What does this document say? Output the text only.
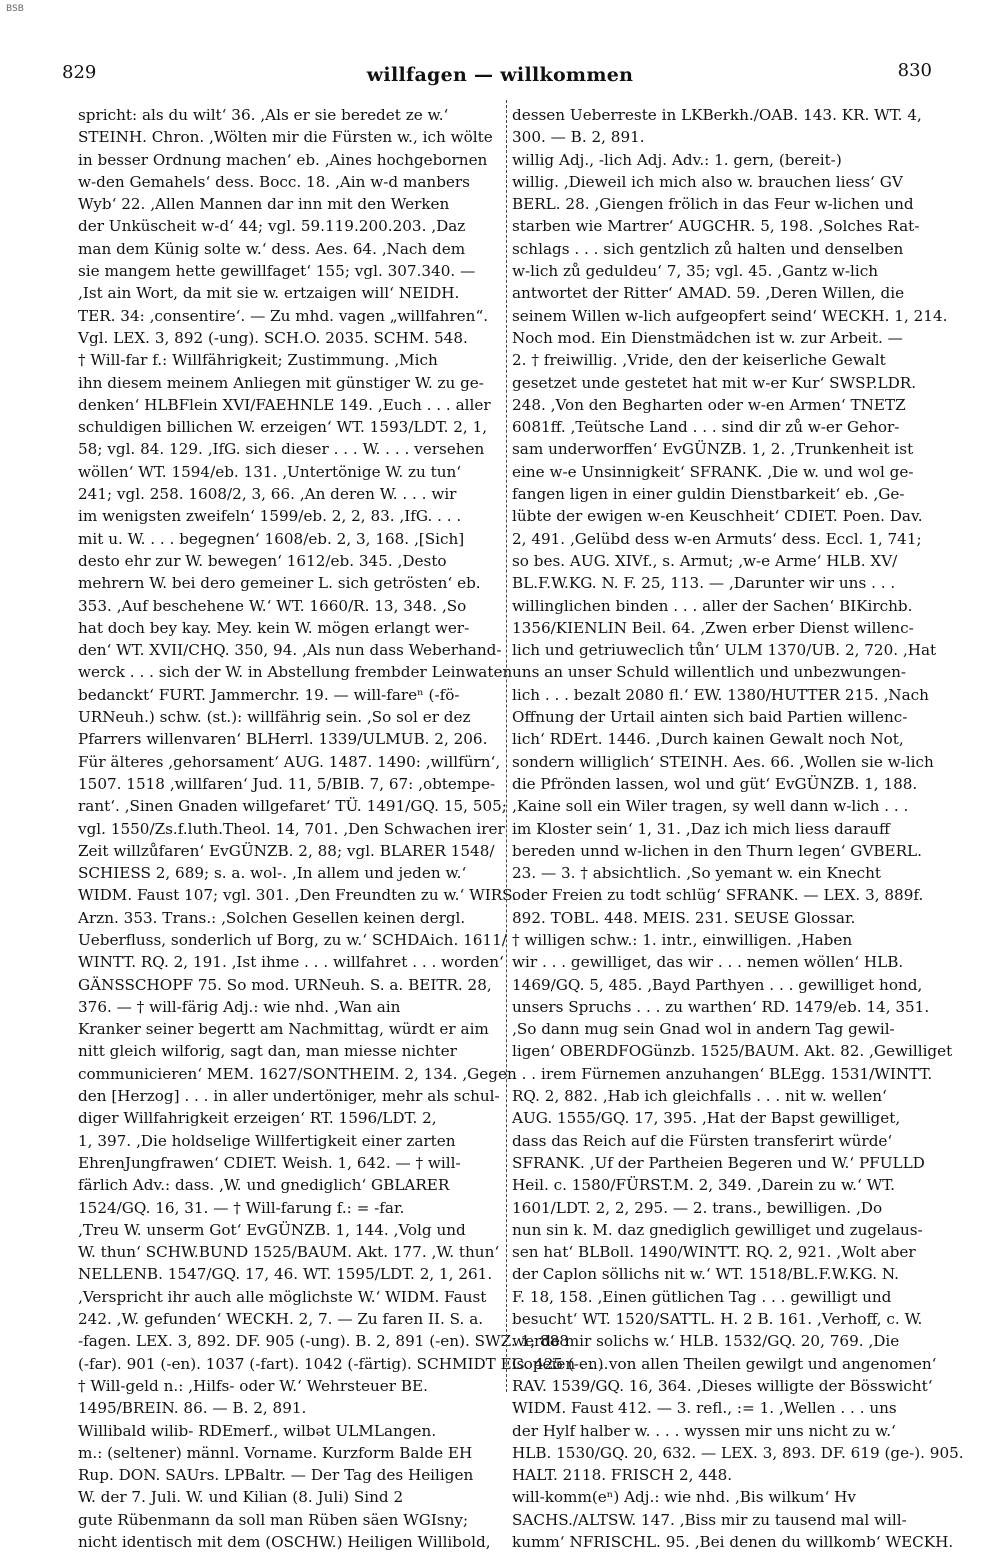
BSB
829	willfagen — willkommen	830
spricht: als du wilt‘ 36. ‚Als er sie beredet ze w.‘
STEINH. Chron. ‚Wölten mir die Fürsten w., ich wölte
in besser Ordnung machen‘ eb. ‚Aines hochgebornen
w-den Gemahels‘ dess. Bocc. 18. ‚Ain w-d manbers
Wyb‘ 22. ‚Allen Mannen dar inn mit den Werken
der Unküscheit w-d‘ 44; vgl. 59.119.200.203. ‚Daz
man dem Künig solte w.‘ dess. Aes. 64. ‚Nach dem
sie mangem hette gewillfaget‘ 155; vgl. 307.340. —
‚Ist ain Wort, da mit sie w. ertzaigen will‘ NEIDH.
TER. 34: ‚consentire‘. — Zu mhd. vagen „willfahren“.
Vgl. LEX. 3, 892 (-ung). SCH.O. 2035. SCHM. 548.
† Will-far f.: Willfährigkeit; Zustimmung. ‚Mich
ihn diesem meinem Anliegen mit günstiger W. zu ge-
denken‘ HLBFlein XVI/FAEHNLE 149. ‚Euch . . . aller
schuldigen billichen W. erzeigen‘ WT. 1593/LDT. 2, 1,
58; vgl. 84. 129. ‚IfG. sich dieser . . . W. . . . versehen
wöllen‘ WT. 1594/eb. 131. ‚Untertönige W. zu tun‘
241; vgl. 258. 1608/2, 3, 66. ‚An deren W. . . . wir
im wenigsten zweifeln‘ 1599/eb. 2, 2, 83. ‚IfG. . . .
mit u. W. . . . begegnen‘ 1608/eb. 2, 3, 168. ‚[Sich]
desto ehr zur W. bewegen‘ 1612/eb. 345. ‚Desto
mehrern W. bei dero gemeiner L. sich getrösten‘ eb.
353. ‚Auf beschehene W.‘ WT. 1660/R. 13, 348. ‚So
hat doch bey kay. Mey. kein W. mögen erlangt wer-
den‘ WT. XVII/CHQ. 350, 94. ‚Als nun dass Weberhand-
werck . . . sich der W. in Abstellung frembder Leinwaten
bedanckt‘ FURT. Jammerchr. 19. — will-fareⁿ (-fö-
URNeuh.) schw. (st.): willfährig sein. ‚So sol er dez
Pfarrers willenvaren‘ BLHerrl. 1339/ULMUB. 2, 206.
Für älteres ‚gehorsament‘ AUG. 1487. 1490: ‚willfürn‘,
1507. 1518 ‚willfaren‘ Jud. 11, 5/BIB. 7, 67: ‚obtempe-
rant‘. ‚Sinen Gnaden willgefaret‘ TÜ. 1491/GQ. 15, 505;
vgl. 1550/Zs.f.luth.Theol. 14, 701. ‚Den Schwachen irer
Zeit willzůfaren‘ EvGÜNZB. 2, 88; vgl. BLARER 1548/
SCHIESS 2, 689; s. a. wol-. ‚In allem und jeden w.‘
WIDM. Faust 107; vgl. 301. ‚Den Freundten zu w.‘ WIRS.
Arzn. 353. Trans.: ‚Solchen Gesellen keinen dergl.
Ueberfluss, sonderlich uf Borg, zu w.‘ SCHDAich. 1611/
WINTT. RQ. 2, 191. ‚Ist ihme . . . willfahret . . . worden‘
GÄNSSCHOPF 75. So mod. URNeuh. S. a. BEITR. 28,
376. — † will-färig Adj.: wie nhd. ‚Wan ain
Kranker seiner begertt am Nachmittag, würdt er aim
nitt gleich wilforig, sagt dan, man miesse nichter
communicieren‘ MEM. 1627/SONTHEIM. 2, 134. ‚Gegen
den [Herzog] . . . in aller undertöniger, mehr als schul-
diger Willfahrigkeit erzeigen‘ RT. 1596/LDT. 2,
1, 397. ‚Die holdselige Willfertigkeit einer zarten
EhrenJungfrawen‘ CDIET. Weish. 1, 642. — † will-
färlich Adv.: dass. ‚W. und gnediglich‘ GBLARER
1524/GQ. 16, 31. — † Will-farung f.: = -far.
‚Treu W. unserm Got‘ EvGÜNZB. 1, 144. ‚Volg und
W. thun‘ SCHW.BUND 1525/BAUM. Akt. 177. ‚W. thun‘
NELLENB. 1547/GQ. 17, 46. WT. 1595/LDT. 2, 1, 261.
‚Verspricht ihr auch alle möglichste W.‘ WIDM. Faust
242. ‚W. gefunden‘ WECKH. 2, 7. — Zu faren II. S. a.
-fagen. LEX. 3, 892. DF. 905 (-ung). B. 2, 891 (-en). SWZ. 1, 888
(-far). 901 (-en). 1037 (-fart). 1042 (-färtig). SCHMIDT Els. 425 (-en).
† Will-geld n.: ‚Hilfs- oder W.‘ Wehrsteuer BE.
1495/BREIN. 86. — B. 2, 891.
Willibald wilib- RDEmerf., wilbət ULMLangen.
m.: (seltener) männl. Vorname. Kurzform Balde EH
Rup. DON. SAUrs. LPBaltr. — Der Tag des Heiligen
W. der 7. Juli. W. und Kilian (8. Juli) Sind 2
gute Rübenmann da soll man Rüben säen WGIsny;
nicht identisch mit dem (OSCHW.) Heiligen Willibold,
dessen Ueberreste in LKBerkh./OAB. 143. KR. WT. 4,
300. — B. 2, 891.
willig Adj., -lich Adj. Adv.: 1. gern, (bereit-)
willig. ‚Dieweil ich mich also w. brauchen liess‘ GV
BERL. 28. ‚Giengen frölich in das Feur w-lichen und
starben wie Martrer‘ AUGCHR. 5, 198. ‚Solches Rat-
schlags . . . sich gentzlich zů halten und denselben
w-lich zů geduldeu‘ 7, 35; vgl. 45. ‚Gantz w-lich
antwortet der Ritter‘ AMAD. 59. ‚Deren Willen, die
seinem Willen w-lich aufgeopfert seind‘ WECKH. 1, 214.
Noch mod. Ein Dienstmädchen ist w. zur Arbeit. —
2. † freiwillig. ‚Vride, den der keiserliche Gewalt
gesetzet unde gestetet hat mit w-er Kur‘ SWSP.LDR.
248. ‚Von den Begharten oder w-en Armen‘ TNETZ
6081ff. ‚Teütsche Land . . . sind dir zů w-er Gehor-
sam underworffen‘ EvGÜNZB. 1, 2. ‚Trunkenheit ist
eine w-e Unsinnigkeit‘ SFRANK. ‚Die w. und wol ge-
fangen ligen in einer guldin Dienstbarkeit‘ eb. ‚Ge-
lübte der ewigen w-en Keuschheit‘ CDIET. Poen. Dav.
2, 491. ‚Gelübd dess w-en Armuts‘ dess. Eccl. 1, 741;
so bes. AUG. XIVf., s. Armut; ‚w-e Arme‘ HLB. XV/
BL.F.W.KG. N. F. 25, 113. — ‚Darunter wir uns . . .
willinglichen binden . . . aller der Sachen‘ BIKirchb.
1356/KIENLIN Beil. 64. ‚Zwen erber Dienst willenc-
lich und getriuweclich tůn‘ ULM 1370/UB. 2, 720. ‚Hat
uns an unser Schuld willentlich und unbezwungen-
lich . . . bezalt 2080 fl.‘ EW. 1380/HUTTER 215. ‚Nach
Offnung der Urtail ainten sich baid Partien willenc-
lich‘ RDErt. 1446. ‚Durch kainen Gewalt noch Not,
sondern williglich‘ STEINH. Aes. 66. ‚Wollen sie w-lich
die Pfrönden lassen, wol und güt‘ EvGÜNZB. 1, 188.
‚Kaine soll ein Wiler tragen, sy well dann w-lich . . .
im Kloster sein‘ 1, 31. ‚Daz ich mich liess darauff
bereden unnd w-lichen in den Thurn legen‘ GVBERL.
23. — 3. † absichtlich. ‚So yemant w. ein Knecht
oder Freien zu todt schlüg‘ SFRANK. — LEX. 3, 889f.
892. TOBL. 448. MEIS. 231. SEUSE Glossar.
† willigen schw.: 1. intr., einwilligen. ‚Haben
wir . . . gewilliget, das wir . . . nemen wöllen‘ HLB.
1469/GQ. 5, 485. ‚Bayd Parthyen . . . gewilliget hond,
unsers Spruchs . . . zu warthen‘ RD. 1479/eb. 14, 351.
‚So dann mug sein Gnad wol in andern Tag gewil-
ligen‘ OBERDFOGünzb. 1525/BAUM. Akt. 82. ‚Gewilliget
. . . irem Fürnemen anzuhangen‘ BLEgg. 1531/WINTT.
RQ. 2, 882. ‚Hab ich gleichfalls . . . nit w. wellen‘
AUG. 1555/GQ. 17, 395. ‚Hat der Bapst gewilliget,
dass das Reich auf die Fürsten transferirt würde‘
SFRANK. ‚Uf der Partheien Begeren und W.‘ PFULLD
Heil. c. 1580/FÜRST.M. 2, 349. ‚Darein zu w.‘ WT.
1601/LDT. 2, 2, 295. — 2. trans., bewilligen. ‚Do
nun sin k. M. daz gnediglich gewilliget und zugelaus-
sen hat‘ BLBoll. 1490/WINTT. RQ. 2, 921. ‚Wolt aber
der Caplon söllichs nit w.‘ WT. 1518/BL.F.W.KG. N.
F. 18, 158. ‚Einen gütlichen Tag . . . gewilligt und
besucht‘ WT. 1520/SATTL. H. 2 B. 161. ‚Verhoff, c. W.
werde mir solichs w.‘ HLB. 1532/GQ. 20, 769. ‚Die
Copeien . . . von allen Theilen gewilgt und angenomen‘
RAV. 1539/GQ. 16, 364. ‚Dieses willigte der Bösswicht‘
WIDM. Faust 412. — 3. refl., := 1. ‚Wellen . . . uns
der Hylf halber w. . . . wyssen mir uns nicht zu w.‘
HLB. 1530/GQ. 20, 632. — LEX. 3, 893. DF. 619 (ge-). 905.
HALT. 2118. FRISCH 2, 448.
will-komm(eⁿ) Adj.: wie nhd. ‚Bis wilkum‘ Hv
SACHS./ALTSW. 147. ‚Biss mir zu tausend mal will-
kumm‘ NFRISCHL. 95. ‚Bei denen du willkomb‘ WECKH.
